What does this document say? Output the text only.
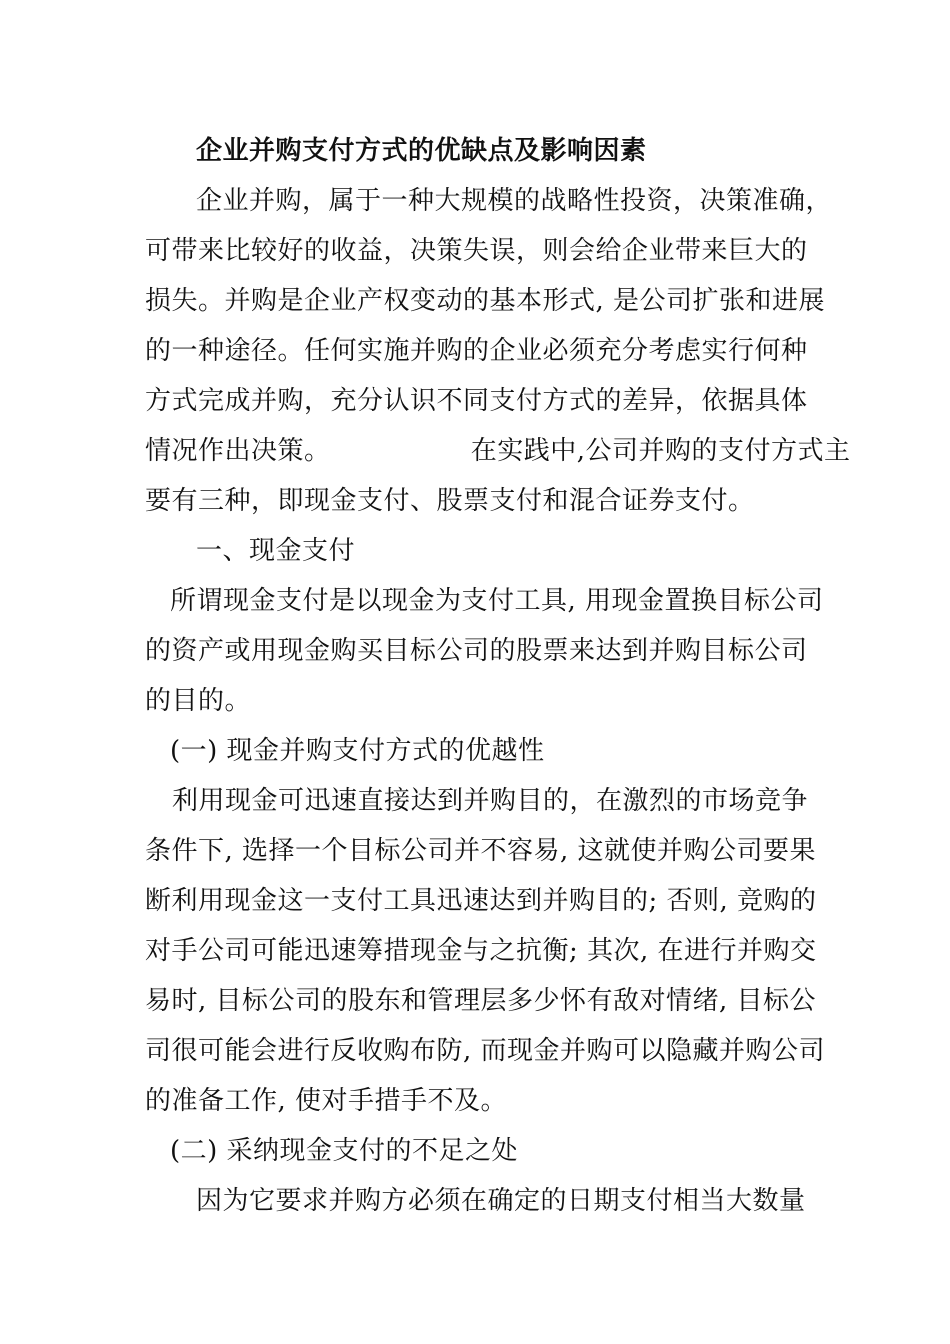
企业并购支付方式的优缺点及影响因素
企业并购，属于一种大规模的战略性投资，决策准确，
可带来比较好的收益，决策失误，则会给企业带来巨大的
损失。并购是企业产权变动的基本形式, 是公司扩张和进展
的一种途径。任何实施并购的企业必须充分考虑实行何种
方式完成并购，充分认识不同支付方式的差异，依据具体
情况作出决策。                在实践中,公司并购的支付方式主
要有三种，即现金支付、股票支付和混合证券支付。
一、现金支付
所谓现金支付是以现金为支付工具, 用现金置换目标公司
的资产或用现金购买目标公司的股票来达到并购目标公司
的目的。
(一) 现金并购支付方式的优越性
利用现金可迅速直接达到并购目的，在激烈的市场竞争
条件下, 选择一个目标公司并不容易, 这就使并购公司要果
断利用现金这一支付工具迅速达到并购目的; 否则, 竞购的
对手公司可能迅速筹措现金与之抗衡; 其次, 在进行并购交
易时, 目标公司的股东和管理层多少怀有敌对情绪, 目标公
司很可能会进行反收购布防, 而现金并购可以隐藏并购公司
的准备工作, 使对手措手不及。
(二) 采纳现金支付的不足之处
因为它要求并购方必须在确定的日期支付相当大数量
